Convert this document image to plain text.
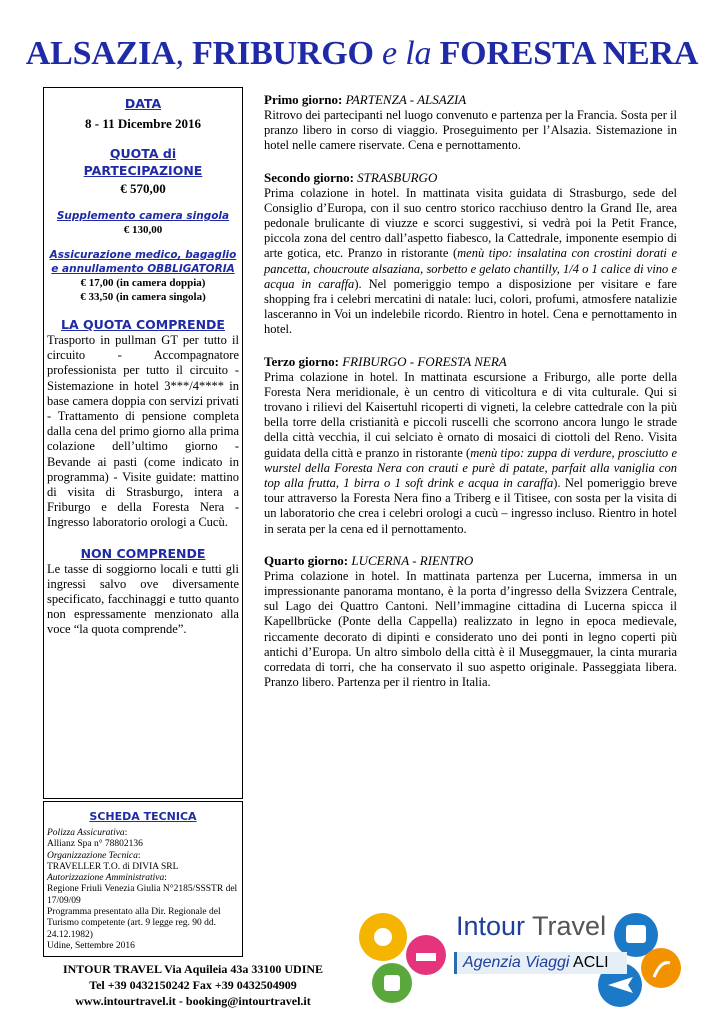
ALSAZIA, FRIBURGO e la FORESTA NERA
DATA
8 - 11 Dicembre 2016
QUOTA di PARTECIPAZIONE
€ 570,00
Supplemento camera singola
€ 130,00
Assicurazione medico, bagaglio e annullamento OBBLIGATORIA
€ 17,00 (in camera doppia)
€ 33,50 (in camera singola)
LA QUOTA COMPRENDE
Trasporto in pullman GT per tutto il circuito - Accompagnatore professionista per tutto il circuito - Sistemazione in hotel 3***/4**** in base camera doppia con servizi privati - Trattamento di pensione completa dalla cena del primo giorno alla prima colazione dell’ultimo giorno - Bevande ai pasti (come indicato in programma) - Visite guidate: mattino di visita di Strasburgo, intera a Friburgo e della Foresta Nera - Ingresso laboratorio orologi a Cucù.
NON COMPRENDE
Le tasse di soggiorno locali e tutti gli ingressi salvo ove diversamente specificato, facchinaggi e tutto quanto non espressamente menzionato alla voce “la quota comprende”.
SCHEDA TECNICA
Polizza Assicurativa:
Allianz Spa n° 78802136
Organizzazione Tecnica:
TRAVELLER T.O. di DIVIA SRL
Autorizzazione Amministrativa:
Regione Friuli Venezia Giulia N°2185/SSSTR del 17/09/09
Programma presentato alla Dir. Regionale del Turismo competente (art. 9 legge reg. 90 dd. 24.12.1982)
Udine, Settembre 2016
Primo giorno: PARTENZA - ALSAZIA
Ritrovo dei partecipanti nel luogo convenuto e partenza per la Francia. Sosta per il pranzo libero in corso di viaggio. Proseguimento per l’Alsazia. Sistemazione in hotel nelle camere riservate. Cena e pernottamento.
Secondo giorno: STRASBURGO
Prima colazione in hotel. In mattinata visita guidata di Strasburgo, sede del Consiglio d’Europa, con il suo centro storico racchiuso dentro la Grand Ile, area pedonale brulicante di viuzze e scorci suggestivi, si vedrà poi la Petit France, piccola zona del centro dall’aspetto fiabesco, la Cattedrale, imponente esempio di arte gotica, etc. Pranzo in ristorante (menù tipo: insalatina con crostini dorati e pancetta, choucroute alsaziana, sorbetto e gelato chantilly, 1/4 o 1 calice di vino e acqua in caraffa). Nel pomeriggio tempo a disposizione per visitare e fare shopping fra i celebri mercatini di natale: luci, colori, profumi, atmosfere natalizie lasceranno in Voi un indelebile ricordo. Rientro in hotel. Cena e pernottamento in hotel.
Terzo giorno: FRIBURGO - FORESTA NERA
Prima colazione in hotel. In mattinata escursione a Friburgo, alle porte della Foresta Nera meridionale, è un centro di viticoltura e di vita culturale. Qui si trovano i rilievi del Kaisertuhl ricoperti di vigneti, la celebre cattedrale con la più bella torre della cristianità e piccoli ruscelli che scorrono ancora lungo le strade della città vecchia, il cui selciato è ornato di mosaici di ciottoli del Reno. Visita guidata della città e pranzo in ristorante (menù tipo: zuppa di verdure, prosciutto e wurstel della Foresta Nera con crauti e purè di patate, parfait alla vaniglia con top alla frutta, 1 birra o 1 soft drink e acqua in caraffa). Nel pomeriggio breve tour attraverso la Foresta Nera fino a Triberg e il Titisee, con sosta per la visita di un laboratorio che crea i celebri orologi a cucù – ingresso incluso. Rientro in hotel in serata per la cena ed il pernottamento.
Quarto giorno: LUCERNA - RIENTRO
Prima colazione in hotel. In mattinata partenza per Lucerna, immersa in un impressionante panorama montano, è la porta d’ingresso della Svizzera Centrale, sul Lago dei Quattro Cantoni. Nell’immagine cittadina di Lucerna spicca il Kapellbrücke (Ponte della Cappella) realizzato in legno in epoca medievale, riccamente decorato di dipinti e considerato uno dei ponti in legno coperti più antichi d’Europa. Un altro simbolo della città è il Museggmauer, la cinta muraria corredata di torri, che ha conservato il suo aspetto originale. Passeggiata libera. Pranzo libero. Partenza per il rientro in Italia.
INTOUR TRAVEL Via Aquileia 43a 33100 UDINE
Tel +39 0432150242 Fax +39 0432504909
www.intourtravel.it - booking@intourtravel.it
Intour Travel
Agenzia Viaggi ACLI
